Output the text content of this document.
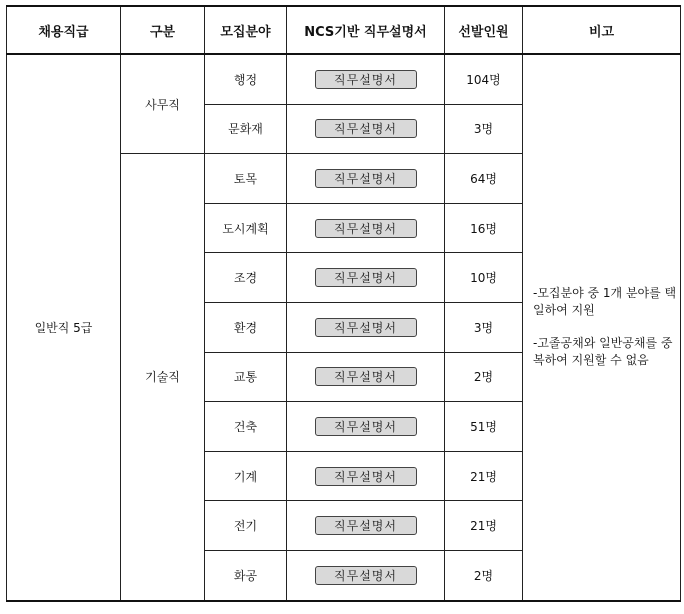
채용직급	구분	모집분야	NCS기반 직무설명서	선발인원	비고
일반직 5급	사무직	행정	직무설명서	104명	-모집분야 중 1개 분야를 택일하여 지원

-고졸공채와 일반공채를 중복하여 지원할 수 없음

		문화재	직무설명서	3명	
	기술직	토목	직무설명서	64명	
		도시계획	직무설명서	16명	
		조경	직무설명서	10명	
		환경	직무설명서	3명	
		교통	직무설명서	2명	
		건축	직무설명서	51명	
		기계	직무설명서	21명	
		전기	직무설명서	21명	
		화공	직무설명서	2명	
